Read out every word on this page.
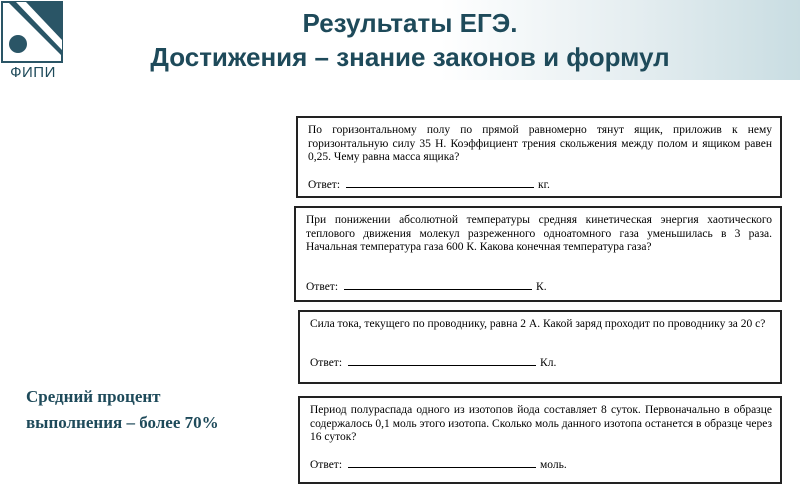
ФИПИ
Результаты ЕГЭ.
Достижения – знание законов и формул
По горизонтальному полу по прямой равномерно тянут ящик, приложив к нему горизонтальную силу 35 Н. Коэффициент трения скольжения между полом и ящиком равен 0,25. Чему равна масса ящика?
Ответ:	кг.
При понижении абсолютной температуры средняя кинетическая энергия хаотического теплового движения молекул разреженного одноатомного газа уменьшилась в 3 раза. Начальная температура газа 600 К. Какова конечная температура газа?
Ответ:	К.
Сила тока, текущего по проводнику, равна 2 А. Какой заряд проходит по проводнику за 20 с?
Ответ:	Кл.
Период полураспада одного из изотопов йода составляет 8 суток. Первоначально в образце содержалось 0,1 моль этого изотопа. Сколько моль данного изотопа останется в образце через 16 суток?
Ответ:	моль.
Средний процент
выполнения – более 70%
